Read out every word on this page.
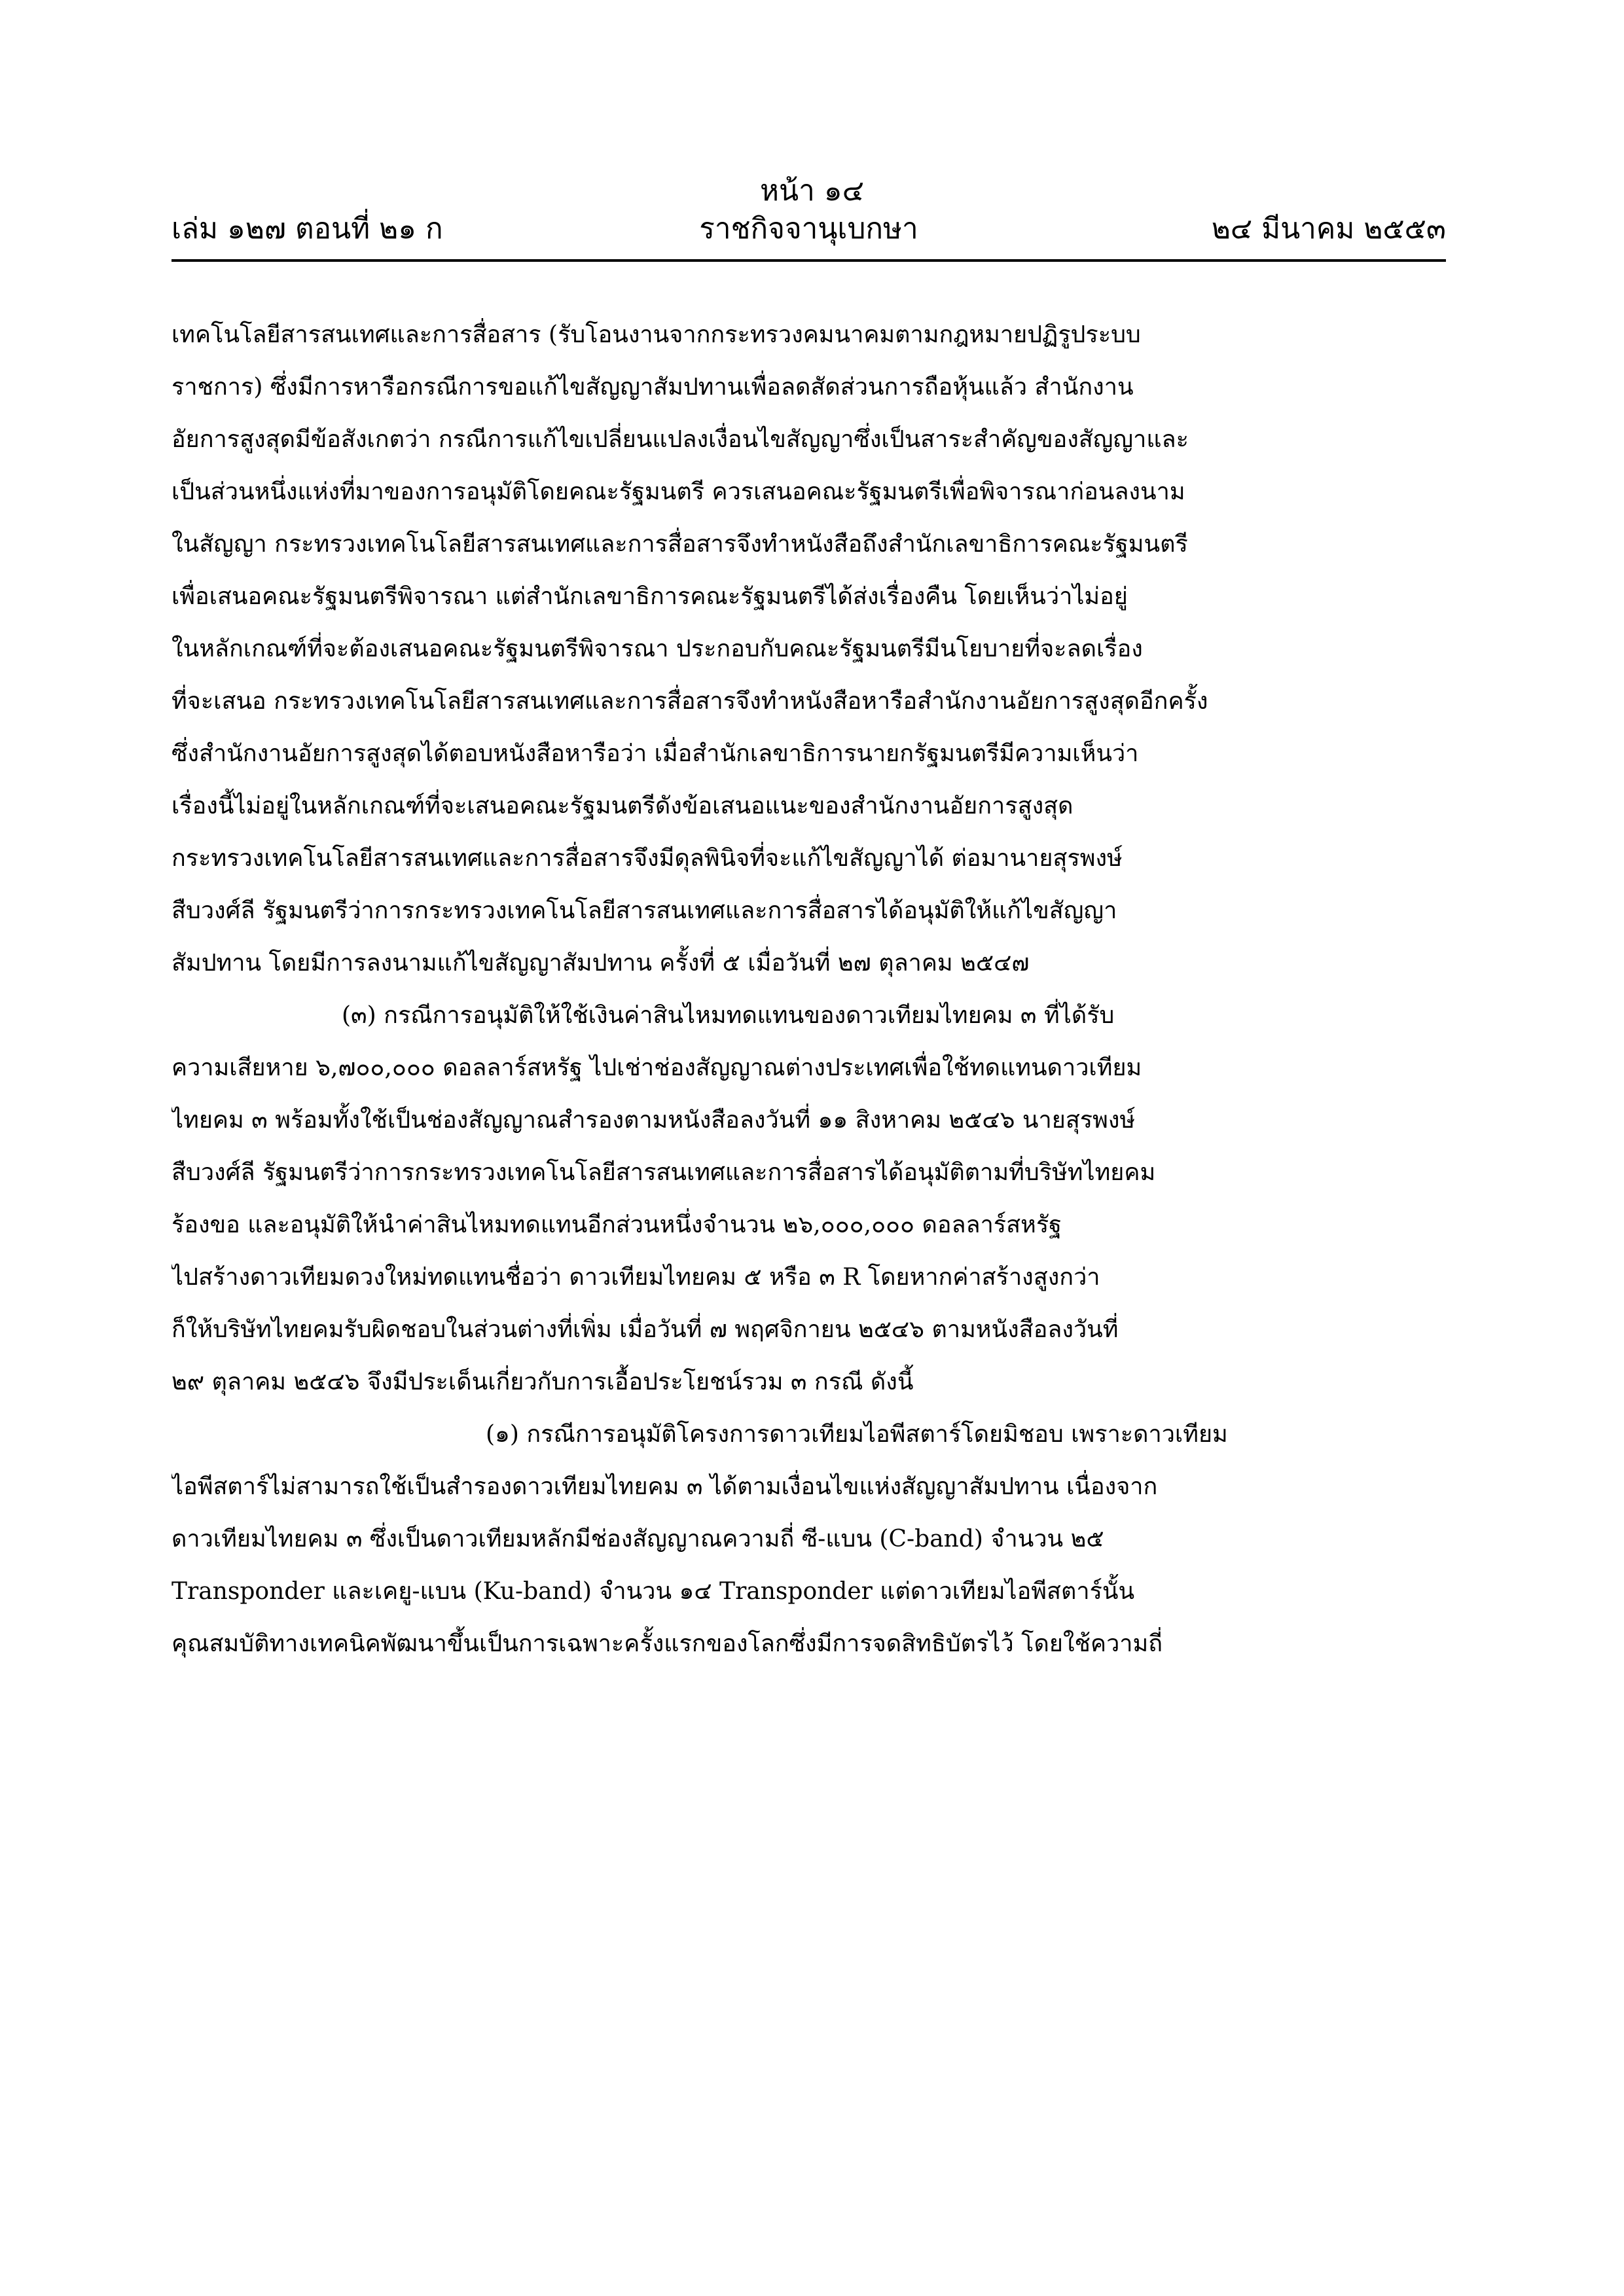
หน้า ๑๔
เล่ม ๑๒๗ ตอนที่ ๒๑ ก	ราชกิจจานุเบกษา	๒๔ มีนาคม ๒๕๕๓
เทคโนโลยีสารสนเทศและการสื่อสาร (รับโอนงานจากกระทรวงคมนาคมตามกฎหมายปฏิรูประบบ
ราชการ) ซึ่งมีการหารือกรณีการขอแก้ไขสัญญาสัมปทานเพื่อลดสัดส่วนการถือหุ้นแล้ว สำนักงาน
อัยการสูงสุดมีข้อสังเกตว่า กรณีการแก้ไขเปลี่ยนแปลงเงื่อนไขสัญญาซึ่งเป็นสาระสำคัญของสัญญาและ
เป็นส่วนหนึ่งแห่งที่มาของการอนุมัติโดยคณะรัฐมนตรี ควรเสนอคณะรัฐมนตรีเพื่อพิจารณาก่อนลงนาม
ในสัญญา กระทรวงเทคโนโลยีสารสนเทศและการสื่อสารจึงทำหนังสือถึงสำนักเลขาธิการคณะรัฐมนตรี
เพื่อเสนอคณะรัฐมนตรีพิจารณา แต่สำนักเลขาธิการคณะรัฐมนตรีได้ส่งเรื่องคืน โดยเห็นว่าไม่อยู่
ในหลักเกณฑ์ที่จะต้องเสนอคณะรัฐมนตรีพิจารณา ประกอบกับคณะรัฐมนตรีมีนโยบายที่จะลดเรื่อง
ที่จะเสนอ กระทรวงเทคโนโลยีสารสนเทศและการสื่อสารจึงทำหนังสือหารือสำนักงานอัยการสูงสุดอีกครั้ง
ซึ่งสำนักงานอัยการสูงสุดได้ตอบหนังสือหารือว่า เมื่อสำนักเลขาธิการนายกรัฐมนตรีมีความเห็นว่า
เรื่องนี้ไม่อยู่ในหลักเกณฑ์ที่จะเสนอคณะรัฐมนตรีดังข้อเสนอแนะของสำนักงานอัยการสูงสุด
กระทรวงเทคโนโลยีสารสนเทศและการสื่อสารจึงมีดุลพินิจที่จะแก้ไขสัญญาได้ ต่อมานายสุรพงษ์
สืบวงศ์ลี รัฐมนตรีว่าการกระทรวงเทคโนโลยีสารสนเทศและการสื่อสารได้อนุมัติให้แก้ไขสัญญา
สัมปทาน โดยมีการลงนามแก้ไขสัญญาสัมปทาน ครั้งที่ ๕ เมื่อวันที่ ๒๗ ตุลาคม ๒๕๔๗
(๓) กรณีการอนุมัติให้ใช้เงินค่าสินไหมทดแทนของดาวเทียมไทยคม ๓ ที่ได้รับ
ความเสียหาย ๖,๗๐๐,๐๐๐ ดอลลาร์สหรัฐ ไปเช่าช่องสัญญาณต่างประเทศเพื่อใช้ทดแทนดาวเทียม
ไทยคม ๓ พร้อมทั้งใช้เป็นช่องสัญญาณสำรองตามหนังสือลงวันที่ ๑๑ สิงหาคม ๒๕๔๖ นายสุรพงษ์
สืบวงศ์ลี รัฐมนตรีว่าการกระทรวงเทคโนโลยีสารสนเทศและการสื่อสารได้อนุมัติตามที่บริษัทไทยคม
ร้องขอ และอนุมัติให้นำค่าสินไหมทดแทนอีกส่วนหนึ่งจำนวน ๒๖,๐๐๐,๐๐๐ ดอลลาร์สหรัฐ
ไปสร้างดาวเทียมดวงใหม่ทดแทนชื่อว่า ดาวเทียมไทยคม ๕ หรือ ๓ R โดยหากค่าสร้างสูงกว่า
ก็ให้บริษัทไทยคมรับผิดชอบในส่วนต่างที่เพิ่ม เมื่อวันที่ ๗ พฤศจิกายน ๒๕๔๖ ตามหนังสือลงวันที่
๒๙ ตุลาคม ๒๕๔๖ จึงมีประเด็นเกี่ยวกับการเอื้อประโยชน์รวม ๓ กรณี ดังนี้
(๑) กรณีการอนุมัติโครงการดาวเทียมไอพีสตาร์โดยมิชอบ เพราะดาวเทียม
ไอพีสตาร์ไม่สามารถใช้เป็นสำรองดาวเทียมไทยคม ๓ ได้ตามเงื่อนไขแห่งสัญญาสัมปทาน เนื่องจาก
ดาวเทียมไทยคม ๓ ซึ่งเป็นดาวเทียมหลักมีช่องสัญญาณความถี่ ซี-แบน (C-band) จำนวน ๒๕
Transponder และเคยู-แบน (Ku-band) จำนวน ๑๔ Transponder แต่ดาวเทียมไอพีสตาร์นั้น
คุณสมบัติทางเทคนิคพัฒนาขึ้นเป็นการเฉพาะครั้งแรกของโลกซึ่งมีการจดสิทธิบัตรไว้ โดยใช้ความถี่
